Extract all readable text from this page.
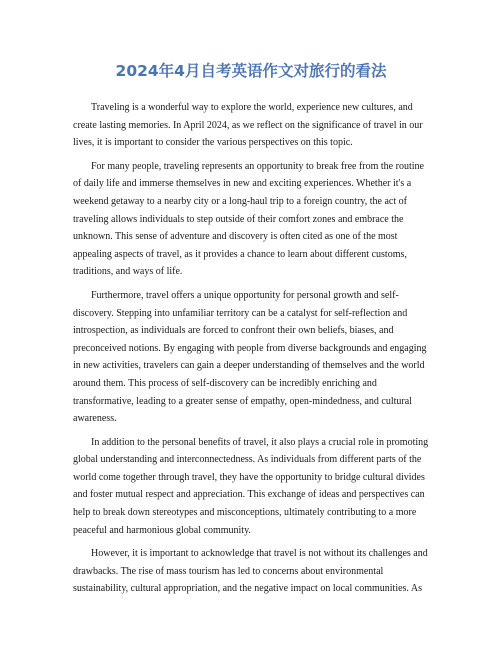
2024年4月自考英语作文对旅行的看法

Traveling is a wonderful way to explore the world, experience new cultures, and create lasting memories. In April 2024, as we reflect on the significance of travel in our lives, it is important to consider the various perspectives on this topic.

For many people, traveling represents an opportunity to break free from the routine of daily life and immerse themselves in new and exciting experiences. Whether it's a weekend getaway to a nearby city or a long-haul trip to a foreign country, the act of traveling allows individuals to step outside of their comfort zones and embrace the unknown. This sense of adventure and discovery is often cited as one of the most appealing aspects of travel, as it provides a chance to learn about different customs, traditions, and ways of life.

Furthermore, travel offers a unique opportunity for personal growth and self-discovery. Stepping into unfamiliar territory can be a catalyst for self-reflection and introspection, as individuals are forced to confront their own beliefs, biases, and preconceived notions. By engaging with people from diverse backgrounds and engaging in new activities, travelers can gain a deeper understanding of themselves and the world around them. This process of self-discovery can be incredibly enriching and transformative, leading to a greater sense of empathy, open-mindedness, and cultural awareness.

In addition to the personal benefits of travel, it also plays a crucial role in promoting global understanding and interconnectedness. As individuals from different parts of the world come together through travel, they have the opportunity to bridge cultural divides and foster mutual respect and appreciation. This exchange of ideas and perspectives can help to break down stereotypes and misconceptions, ultimately contributing to a more peaceful and harmonious global community.

However, it is important to acknowledge that travel is not without its challenges and drawbacks. The rise of mass tourism has led to concerns about environmental sustainability, cultural appropriation, and the negative impact on local communities. As
